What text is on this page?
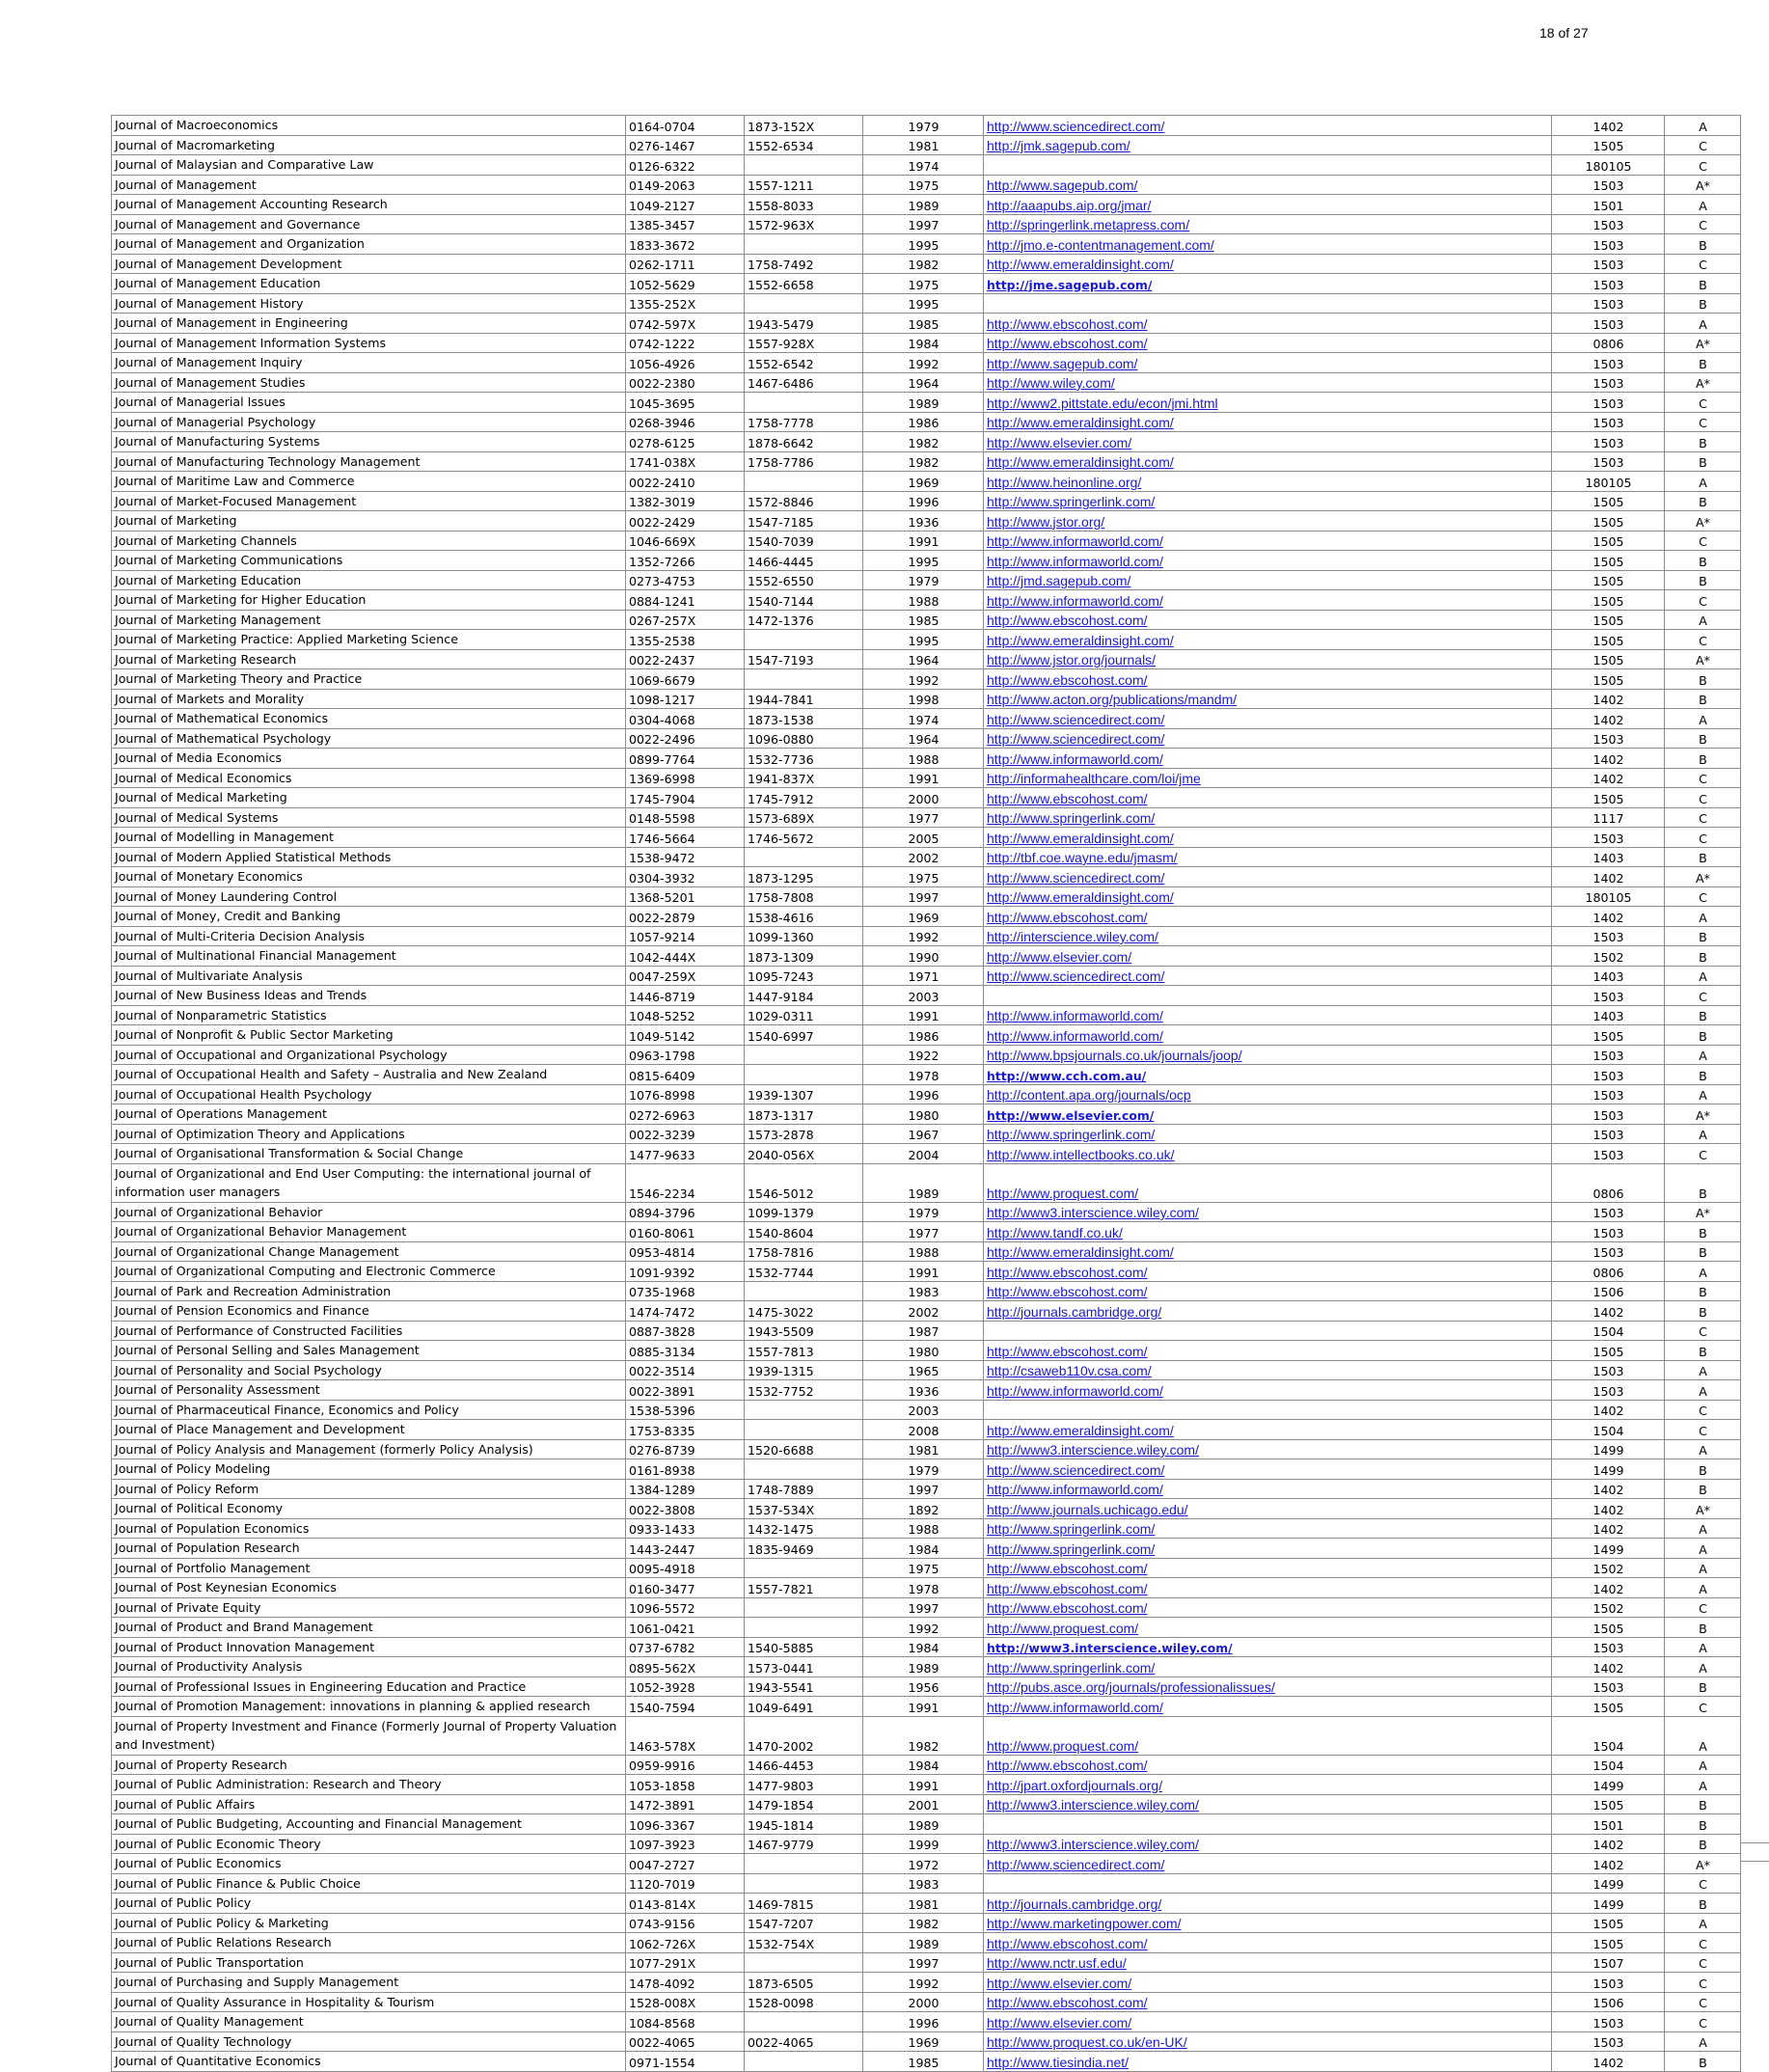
18 of 27
Journal of Macroeconomics	0164-0704	1873-152X	1979	http://www.sciencedirect.com/	1402	A
Journal of Macromarketing	0276-1467	1552-6534	1981	http://jmk.sagepub.com/	1505	C
Journal of Malaysian and Comparative Law	0126-6322		1974		180105	C
Journal of Management	0149-2063	1557-1211	1975	http://www.sagepub.com/	1503	A*
Journal of Management Accounting Research	1049-2127	1558-8033	1989	http://aaapubs.aip.org/jmar/	1501	A
Journal of Management and Governance	1385-3457	1572-963X	1997	http://springerlink.metapress.com/	1503	C
Journal of Management and Organization	1833-3672		1995	http://jmo.e-contentmanagement.com/	1503	B
Journal of Management Development	0262-1711	1758-7492	1982	http://www.emeraldinsight.com/	1503	C
Journal of Management Education	1052-5629	1552-6658	1975	http://jme.sagepub.com/	1503	B
Journal of Management History	1355-252X		1995		1503	B
Journal of Management in Engineering	0742-597X	1943-5479	1985	http://www.ebscohost.com/	1503	A
Journal of Management Information Systems	0742-1222	1557-928X	1984	http://www.ebscohost.com/	0806	A*
Journal of Management Inquiry	1056-4926	1552-6542	1992	http://www.sagepub.com/	1503	B
Journal of Management Studies	0022-2380	1467-6486	1964	http://www.wiley.com/	1503	A*
Journal of Managerial Issues	1045-3695		1989	http://www2.pittstate.edu/econ/jmi.html	1503	C
Journal of Managerial Psychology	0268-3946	1758-7778	1986	http://www.emeraldinsight.com/	1503	C
Journal of Manufacturing Systems	0278-6125	1878-6642	1982	http://www.elsevier.com/	1503	B
Journal of Manufacturing Technology Management	1741-038X	1758-7786	1982	http://www.emeraldinsight.com/	1503	B
Journal of Maritime Law and Commerce	0022-2410		1969	http://www.heinonline.org/	180105	A
Journal of Market-Focused Management	1382-3019	1572-8846	1996	http://www.springerlink.com/	1505	B
Journal of Marketing	0022-2429	1547-7185	1936	http://www.jstor.org/	1505	A*
Journal of Marketing Channels	1046-669X	1540-7039	1991	http://www.informaworld.com/	1505	C
Journal of Marketing Communications	1352-7266	1466-4445	1995	http://www.informaworld.com/	1505	B
Journal of Marketing Education	0273-4753	1552-6550	1979	http://jmd.sagepub.com/	1505	B
Journal of Marketing for Higher Education	0884-1241	1540-7144	1988	http://www.informaworld.com/	1505	C
Journal of Marketing Management	0267-257X	1472-1376	1985	http://www.ebscohost.com/	1505	A
Journal of Marketing Practice: Applied Marketing Science	1355-2538		1995	http://www.emeraldinsight.com/	1505	C
Journal of Marketing Research	0022-2437	1547-7193	1964	http://www.jstor.org/journals/	1505	A*
Journal of Marketing Theory and Practice	1069-6679		1992	http://www.ebscohost.com/	1505	B
Journal of Markets and Morality	1098-1217	1944-7841	1998	http://www.acton.org/publications/mandm/	1402	B
Journal of Mathematical Economics	0304-4068	1873-1538	1974	http://www.sciencedirect.com/	1402	A
Journal of Mathematical Psychology	0022-2496	1096-0880	1964	http://www.sciencedirect.com/	1503	B
Journal of Media Economics	0899-7764	1532-7736	1988	http://www.informaworld.com/	1402	B
Journal of Medical Economics	1369-6998	1941-837X	1991	http://informahealthcare.com/loi/jme	1402	C
Journal of Medical Marketing	1745-7904	1745-7912	2000	http://www.ebscohost.com/	1505	C
Journal of Medical Systems	0148-5598	1573-689X	1977	http://www.springerlink.com/	1117	C
Journal of Modelling in Management	1746-5664	1746-5672	2005	http://www.emeraldinsight.com/	1503	C
Journal of Modern Applied Statistical Methods	1538-9472		2002	http://tbf.coe.wayne.edu/jmasm/	1403	B
Journal of Monetary Economics	0304-3932	1873-1295	1975	http://www.sciencedirect.com/	1402	A*
Journal of Money Laundering Control	1368-5201	1758-7808	1997	http://www.emeraldinsight.com/	180105	C
Journal of Money, Credit and Banking	0022-2879	1538-4616	1969	http://www.ebscohost.com/	1402	A
Journal of Multi-Criteria Decision Analysis	1057-9214	1099-1360	1992	http://interscience.wiley.com/	1503	B
Journal of Multinational Financial Management	1042-444X	1873-1309	1990	http://www.elsevier.com/	1502	B
Journal of Multivariate Analysis	0047-259X	1095-7243	1971	http://www.sciencedirect.com/	1403	A
Journal of New Business Ideas and Trends	1446-8719	1447-9184	2003		1503	C
Journal of Nonparametric Statistics	1048-5252	1029-0311	1991	http://www.informaworld.com/	1403	B
Journal of Nonprofit & Public Sector Marketing	1049-5142	1540-6997	1986	http://www.informaworld.com/	1505	B
Journal of Occupational and Organizational Psychology	0963-1798		1922	http://www.bpsjournals.co.uk/journals/joop/	1503	A
Journal of Occupational Health and Safety – Australia and New Zealand	0815-6409		1978	http://www.cch.com.au/	1503	B
Journal of Occupational Health Psychology	1076-8998	1939-1307	1996	http://content.apa.org/journals/ocp	1503	A
Journal of Operations Management	0272-6963	1873-1317	1980	http://www.elsevier.com/	1503	A*
Journal of Optimization Theory and Applications	0022-3239	1573-2878	1967	http://www.springerlink.com/	1503	A
Journal of Organisational Transformation & Social Change	1477-9633	2040-056X	2004	http://www.intellectbooks.co.uk/	1503	C
Journal of Organizational and End User Computing: the international journal of information user managers	1546-2234	1546-5012	1989	http://www.proquest.com/	0806	B
Journal of Organizational Behavior	0894-3796	1099-1379	1979	http://www3.interscience.wiley.com/	1503	A*
Journal of Organizational Behavior Management	0160-8061	1540-8604	1977	http://www.tandf.co.uk/	1503	B
Journal of Organizational Change Management	0953-4814	1758-7816	1988	http://www.emeraldinsight.com/	1503	B
Journal of Organizational Computing and Electronic Commerce	1091-9392	1532-7744	1991	http://www.ebscohost.com/	0806	A
Journal of Park and Recreation Administration	0735-1968		1983	http://www.ebscohost.com/	1506	B
Journal of Pension Economics and Finance	1474-7472	1475-3022	2002	http://journals.cambridge.org/	1402	B
Journal of Performance of Constructed Facilities	0887-3828	1943-5509	1987		1504	C
Journal of Personal Selling and Sales Management	0885-3134	1557-7813	1980	http://www.ebscohost.com/	1505	B
Journal of Personality and Social Psychology	0022-3514	1939-1315	1965	http://csaweb110v.csa.com/	1503	A
Journal of Personality Assessment	0022-3891	1532-7752	1936	http://www.informaworld.com/	1503	A
Journal of Pharmaceutical Finance, Economics and Policy	1538-5396		2003		1402	C
Journal of Place Management and Development	1753-8335		2008	http://www.emeraldinsight.com/	1504	C
Journal of Policy Analysis and Management (formerly Policy Analysis)	0276-8739	1520-6688	1981	http://www3.interscience.wiley.com/	1499	A
Journal of Policy Modeling	0161-8938		1979	http://www.sciencedirect.com/	1499	B
Journal of Policy Reform	1384-1289	1748-7889	1997	http://www.informaworld.com/	1402	B
Journal of Political Economy	0022-3808	1537-534X	1892	http://www.journals.uchicago.edu/	1402	A*
Journal of Population Economics	0933-1433	1432-1475	1988	http://www.springerlink.com/	1402	A
Journal of Population Research	1443-2447	1835-9469	1984	http://www.springerlink.com/	1499	A
Journal of Portfolio Management	0095-4918		1975	http://www.ebscohost.com/	1502	A
Journal of Post Keynesian Economics	0160-3477	1557-7821	1978	http://www.ebscohost.com/	1402	A
Journal of Private Equity	1096-5572		1997	http://www.ebscohost.com/	1502	C
Journal of Product and Brand Management	1061-0421		1992	http://www.proquest.com/	1505	B
Journal of Product Innovation Management	0737-6782	1540-5885	1984	http://www3.interscience.wiley.com/	1503	A
Journal of Productivity Analysis	0895-562X	1573-0441	1989	http://www.springerlink.com/	1402	A
Journal of Professional Issues in Engineering Education and Practice	1052-3928	1943-5541	1956	http://pubs.asce.org/journals/professionalissues/	1503	B
Journal of Promotion Management: innovations in planning & applied research	1540-7594	1049-6491	1991	http://www.informaworld.com/	1505	C
Journal of Property Investment and Finance (Formerly Journal of Property Valuation and Investment)	1463-578X	1470-2002	1982	http://www.proquest.com/	1504	A
Journal of Property Research	0959-9916	1466-4453	1984	http://www.ebscohost.com/	1504	A
Journal of Public Administration: Research and Theory	1053-1858	1477-9803	1991	http://jpart.oxfordjournals.org/	1499	A
Journal of Public Affairs	1472-3891	1479-1854	2001	http://www3.interscience.wiley.com/	1505	B
Journal of Public Budgeting, Accounting and Financial Management	1096-3367	1945-1814	1989		1501	B
Journal of Public Economic Theory	1097-3923	1467-9779	1999	http://www3.interscience.wiley.com/	1402	B
Journal of Public Economics	0047-2727		1972	http://www.sciencedirect.com/	1402	A*
Journal of Public Finance & Public Choice	1120-7019		1983		1499	C
Journal of Public Policy	0143-814X	1469-7815	1981	http://journals.cambridge.org/	1499	B
Journal of Public Policy & Marketing	0743-9156	1547-7207	1982	http://www.marketingpower.com/	1505	A
Journal of Public Relations Research	1062-726X	1532-754X	1989	http://www.ebscohost.com/	1505	C
Journal of Public Transportation	1077-291X		1997	http://www.nctr.usf.edu/	1507	C
Journal of Purchasing and Supply Management	1478-4092	1873-6505	1992	http://www.elsevier.com/	1503	C
Journal of Quality Assurance in Hospitality & Tourism	1528-008X	1528-0098	2000	http://www.ebscohost.com/	1506	C
Journal of Quality Management	1084-8568		1996	http://www.elsevier.com/	1503	C
Journal of Quality Technology	0022-4065	0022-4065	1969	http://www.proquest.co.uk/en-UK/	1503	A
Journal of Quantitative Economics	0971-1554		1985	http://www.tiesindia.net/	1402	B
